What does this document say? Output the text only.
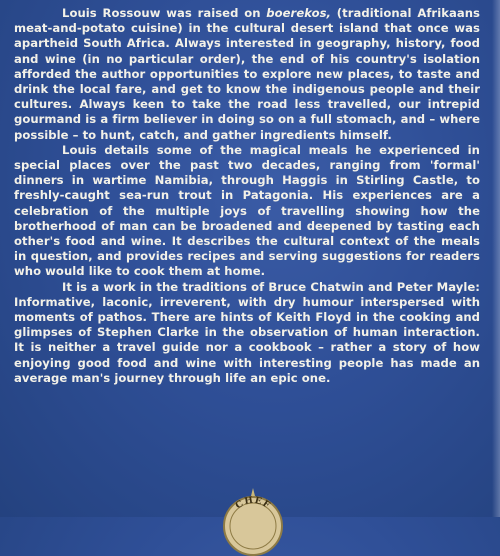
Louis Rossouw was raised on boerekos, (traditional Afrikaans meat-and-potato cuisine) in the cultural desert island that once was apartheid South Africa. Always interested in geography, history, food and wine (in no particular order), the end of his country's isolation afforded the author opportunities to explore new places, to taste and drink the local fare, and get to know the indigenous people and their cultures. Always keen to take the road less travelled, our intrepid gourmand is a firm believer in doing so on a full stomach, and – where possible – to hunt, catch, and gather ingredients himself.

Louis details some of the magical meals he experienced in special places over the past two decades, ranging from 'formal' dinners in wartime Namibia, through Haggis in Stirling Castle, to freshly-caught sea-run trout in Patagonia. His experiences are a celebration of the multiple joys of travelling showing how the brotherhood of man can be broadened and deepened by tasting each other's food and wine. It describes the cultural context of the meals in question, and provides recipes and serving suggestions for readers who would like to cook them at home.

It is a work in the traditions of Bruce Chatwin and Peter Mayle: Informative, laconic, irreverent, with dry humour interspersed with moments of pathos. There are hints of Keith Floyd in the cooking and glimpses of Stephen Clarke in the observation of human interaction. It is neither a travel guide nor a cookbook – rather a story of how enjoying good food and wine with interesting people has made an average man's journey through life an epic one.

CHEF
